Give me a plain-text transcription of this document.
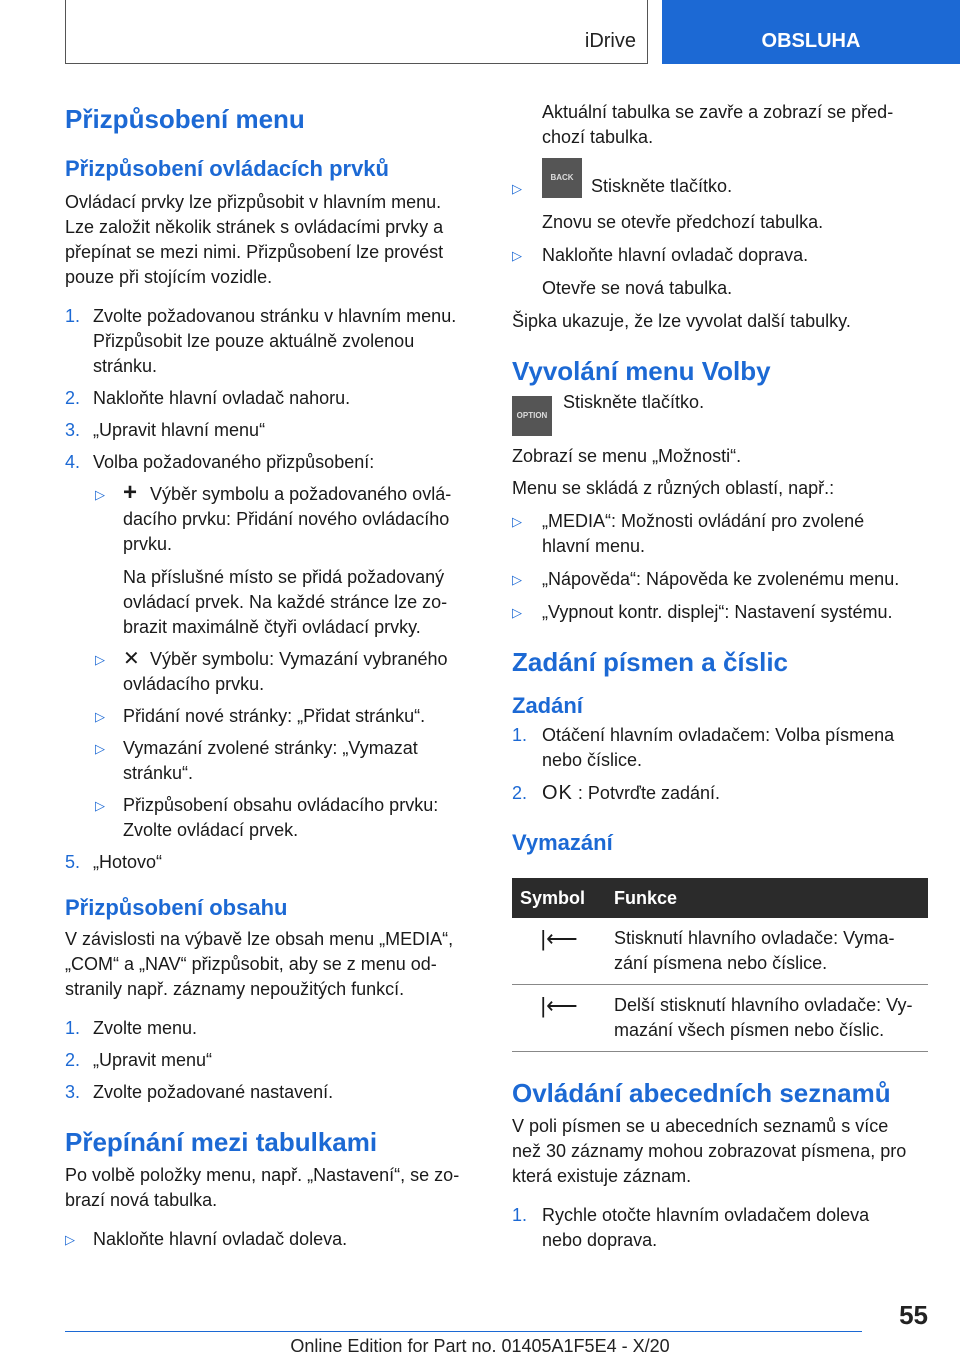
iDrive	OBSLUHA
Přizpůsobení menu
Přizpůsobení ovládacích prvků

Ovládací prvky lze přizpůsobit v hlavním menu.
Lze založit několik stránek s ovládacími prvky a
přepínat se mezi nimi. Přizpůsobení lze provést
pouze při stojícím vozidle.

1. Zvolte požadovanou stránku v hlavním menu.
Přizpůsobit lze pouze aktuálně zvolenou
stránku.
2. Nakloňte hlavní ovladač nahoru.
3. „Upravit hlavní menu“
4. Volba požadovaného přizpůsobení:
▷ + Výběr symbolu a požadovaného ovlá-
dacího prvku: Přidání nového ovládacího
prvku.
Na příslušné místo se přidá požadovaný
ovládací prvek. Na každé stránce lze zo-
brazit maximálně čtyři ovládací prvky.
▷ ✕ Výběr symbolu: Vymazání vybraného
ovládacího prvku.
▷ Přidání nové stránky: „Přidat stránku“.
▷ Vymazání zvolené stránky: „Vymazat
stránku“.
▷ Přizpůsobení obsahu ovládacího prvku:
Zvolte ovládací prvek.
5. „Hotovo“
Přizpůsobení obsahu

V závislosti na výbavě lze obsah menu „MEDIA“,
„COM“ a „NAV“ přizpůsobit, aby se z menu od-
stranily např. záznamy nepoužitých funkcí.

1. Zvolte menu.
2. „Upravit menu“
3. Zvolte požadované nastavení.
Přepínání mezi tabulkami

Po volbě položky menu, např. „Nastavení“, se zo-
brazí nová tabulka.

▷ Nakloňte hlavní ovladač doleva.

Aktuální tabulka se zavře a zobrazí se před-
chozí tabulka.

▷
BACK Stiskněte tlačítko.

Znovu se otevře předchozí tabulka.

▷ Nakloňte hlavní ovladač doprava.

Otevře se nová tabulka.

Šipka ukazuje, že lze vyvolat další tabulky.

Vyvolání menu Volby
OPTION
Stiskněte tlačítko.

Zobrazí se menu „Možnosti“.

Menu se skládá z různých oblastí, např.:

▷ „MEDIA“: Možnosti ovládání pro zvolené
hlavní menu.
▷ „Nápověda“: Nápověda ke zvolenému menu.
▷ „Vypnout kontr. displej“: Nastavení systému.
Zadání písmen a číslic
Zadání
1. Otáčení hlavním ovladačem: Volba písmena
nebo číslice.
2. OK : Potvrďte zadání.
Vymazání
Symbol	Funkce
|⟵	Stisknutí hlavního ovladače: Vyma-
zání písmena nebo číslice.
|⟵	Delší stisknutí hlavního ovladače: Vy-
mazání všech písmen nebo číslic.
Ovládání abecedních seznamů

V poli písmen se u abecedních seznamů s více
než 30 záznamy mohou zobrazovat písmena, pro
která existuje záznam.

1. Rychle otočte hlavním ovladačem doleva
nebo doprava.
55
Online Edition for Part no. 01405A1F5E4 - X/20
